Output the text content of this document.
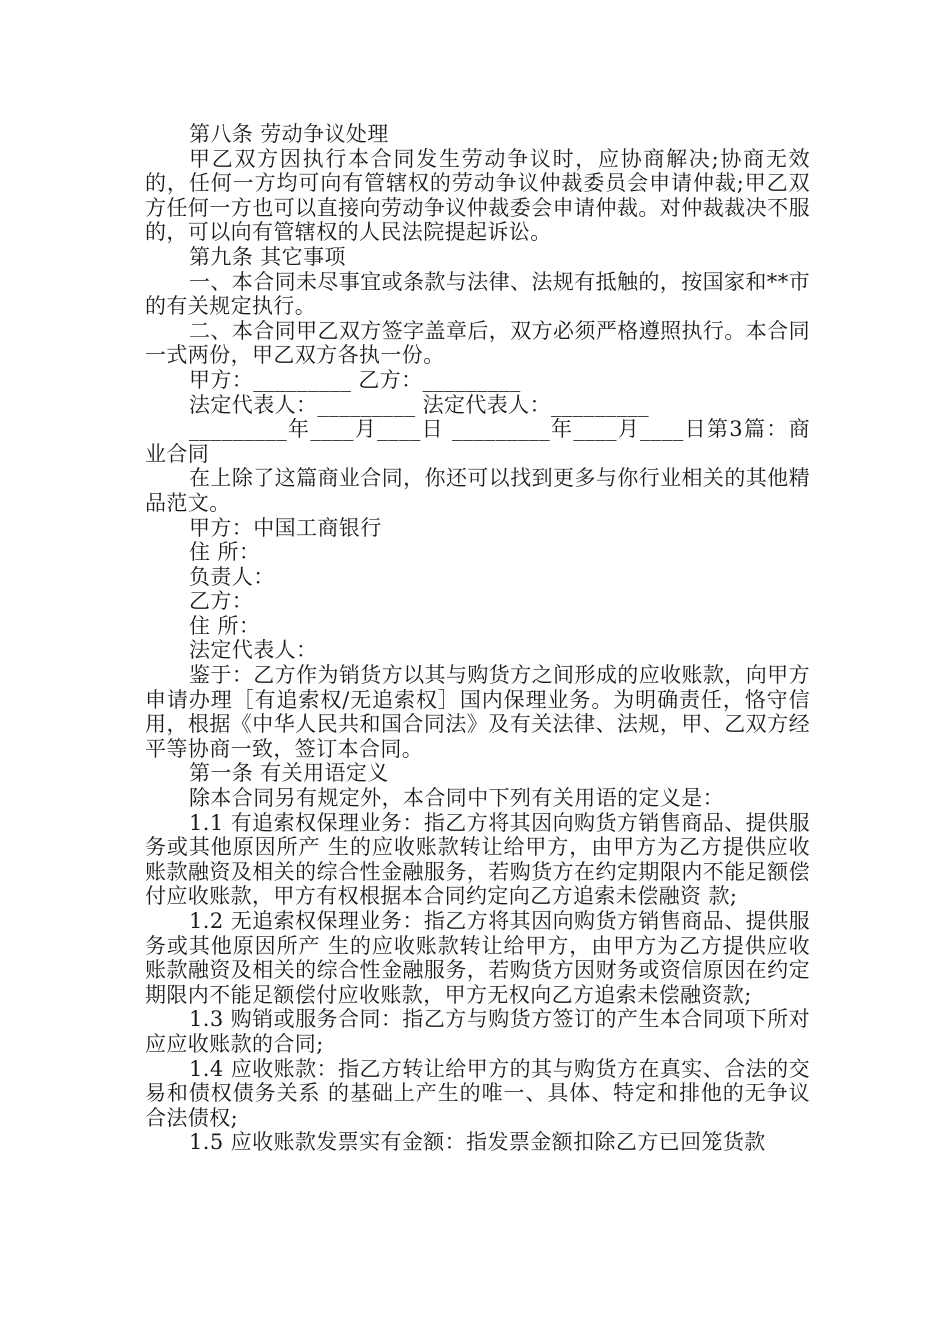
第八条 劳动争议处理

甲乙双方因执行本合同发生劳动争议时，应协商解决;协商无效的，任何一方均可向有管辖权的劳动争议仲裁委员会申请仲裁;甲乙双方任何一方也可以直接向劳动争议仲裁委会申请仲裁。对仲裁裁决不服的，可以向有管辖权的人民法院提起诉讼。

第九条 其它事项

一、本合同未尽事宜或条款与法律、法规有抵触的，按国家和**市的有关规定执行。

二、本合同甲乙双方签字盖章后，双方必须严格遵照执行。本合同一式两份，甲乙双方各执一份。

甲方：_________ 乙方：_________

法定代表人：_________ 法定代表人：_________

_________年____月____日 _________年____月____日第3篇：商业合同

在上除了这篇商业合同，你还可以找到更多与你行业相关的其他精品范文。

甲方：中国工商银行

住 所：

负责人：

乙方：

住 所：

法定代表人：

鉴于：乙方作为销货方以其与购货方之间形成的应收账款，向甲方申请办理［有追索权/无追索权］国内保理业务。为明确责任，恪守信用，根据《中华人民共和国合同法》及有关法律、法规，甲、乙双方经平等协商一致，签订本合同。

第一条 有关用语定义

除本合同另有规定外，本合同中下列有关用语的定义是：

1.1 有追索权保理业务：指乙方将其因向购货方销售商品、提供服务或其他原因所产 生的应收账款转让给甲方，由甲方为乙方提供应收账款融资及相关的综合性金融服务，若购货方在约定期限内不能足额偿付应收账款，甲方有权根据本合同约定向乙方追索未偿融资 款;

1.2 无追索权保理业务：指乙方将其因向购货方销售商品、提供服务或其他原因所产 生的应收账款转让给甲方，由甲方为乙方提供应收账款融资及相关的综合性金融服务，若购货方因财务或资信原因在约定期限内不能足额偿付应收账款，甲方无权向乙方追索未偿融资款;

1.3 购销或服务合同：指乙方与购货方签订的产生本合同项下所对应应收账款的合同;

1.4 应收账款：指乙方转让给甲方的其与购货方在真实、合法的交易和债权债务关系 的基础上产生的唯一、具体、特定和排他的无争议合法债权;

1.5 应收账款发票实有金额：指发票金额扣除乙方已回笼货款
